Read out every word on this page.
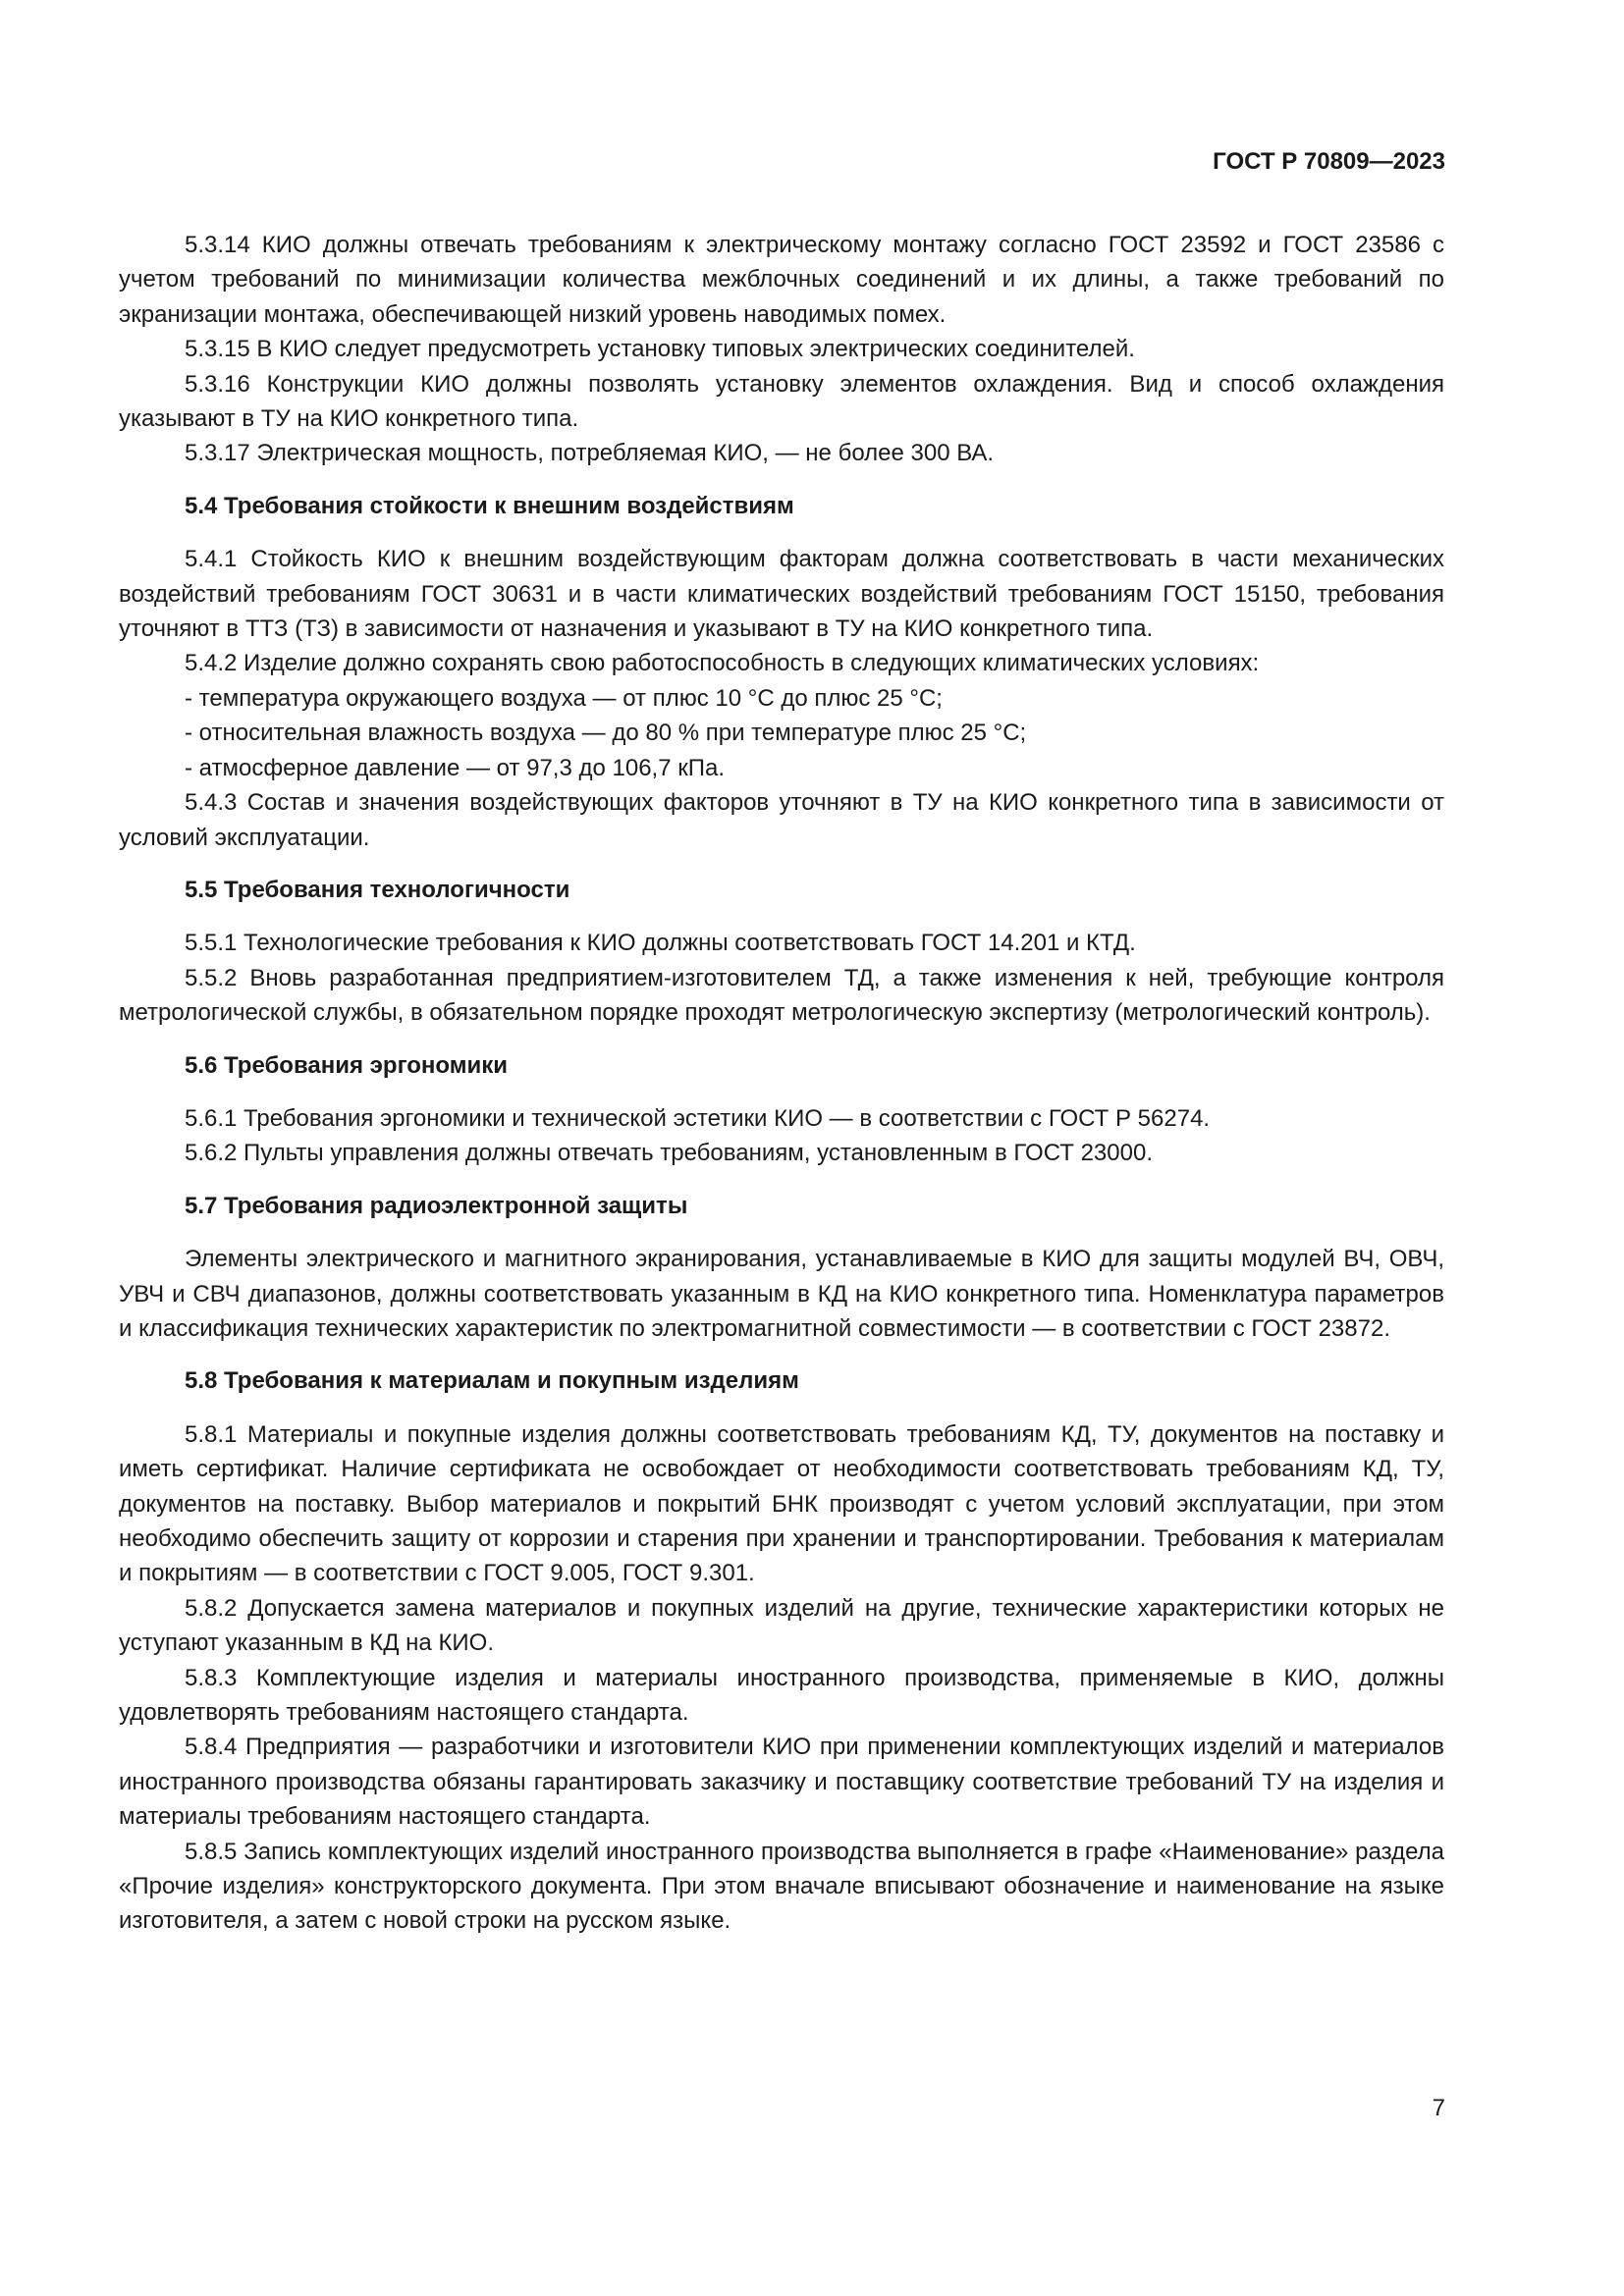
ГОСТ Р 70809—2023

5.3.14 КИО должны отвечать требованиям к электрическому монтажу согласно ГОСТ 23592 и ГОСТ 23586 с учетом требований по минимизации количества межблочных соединений и их длины, а также требований по экранизации монтажа, обеспечивающей низкий уровень наводимых помех.

5.3.15 В КИО следует предусмотреть установку типовых электрических соединителей.

5.3.16 Конструкции КИО должны позволять установку элементов охлаждения. Вид и способ охлаждения указывают в ТУ на КИО конкретного типа.

5.3.17 Электрическая мощность, потребляемая КИО, — не более 300 ВА.

5.4 Требования стойкости к внешним воздействиям

5.4.1 Стойкость КИО к внешним воздействующим факторам должна соответствовать в части механических воздействий требованиям ГОСТ 30631 и в части климатических воздействий требованиям ГОСТ 15150, требования уточняют в ТТЗ (ТЗ) в зависимости от назначения и указывают в ТУ на КИО конкретного типа.

5.4.2 Изделие должно сохранять свою работоспособность в следующих климатических условиях:

- температура окружающего воздуха — от плюс 10 °С до плюс 25 °С;

- относительная влажность воздуха — до 80 % при температуре плюс 25 °С;

- атмосферное давление — от 97,3 до 106,7 кПа.

5.4.3 Состав и значения воздействующих факторов уточняют в ТУ на КИО конкретного типа в зависимости от условий эксплуатации.

5.5 Требования технологичности

5.5.1 Технологические требования к КИО должны соответствовать ГОСТ 14.201 и КТД.

5.5.2 Вновь разработанная предприятием-изготовителем ТД, а также изменения к ней, требующие контроля метрологической службы, в обязательном порядке проходят метрологическую экспертизу (метрологический контроль).

5.6 Требования эргономики

5.6.1 Требования эргономики и технической эстетики КИО — в соответствии с ГОСТ Р 56274.

5.6.2 Пульты управления должны отвечать требованиям, установленным в ГОСТ 23000.

5.7 Требования радиоэлектронной защиты

Элементы электрического и магнитного экранирования, устанавливаемые в КИО для защиты модулей ВЧ, ОВЧ, УВЧ и СВЧ диапазонов, должны соответствовать указанным в КД на КИО конкретного типа. Номенклатура параметров и классификация технических характеристик по электромагнитной совместимости — в соответствии с ГОСТ 23872.

5.8 Требования к материалам и покупным изделиям

5.8.1 Материалы и покупные изделия должны соответствовать требованиям КД, ТУ, документов на поставку и иметь сертификат. Наличие сертификата не освобождает от необходимости соответствовать требованиям КД, ТУ, документов на поставку. Выбор материалов и покрытий БНК производят с учетом условий эксплуатации, при этом необходимо обеспечить защиту от коррозии и старения при хранении и транспортировании. Требования к материалам и покрытиям — в соответствии с ГОСТ 9.005, ГОСТ 9.301.

5.8.2 Допускается замена материалов и покупных изделий на другие, технические характеристики которых не уступают указанным в КД на КИО.

5.8.3 Комплектующие изделия и материалы иностранного производства, применяемые в КИО, должны удовлетворять требованиям настоящего стандарта.

5.8.4 Предприятия — разработчики и изготовители КИО при применении комплектующих изделий и материалов иностранного производства обязаны гарантировать заказчику и поставщику соответствие требований ТУ на изделия и материалы требованиям настоящего стандарта.

5.8.5 Запись комплектующих изделий иностранного производства выполняется в графе «Наименование» раздела «Прочие изделия» конструкторского документа. При этом вначале вписывают обозначение и наименование на языке изготовителя, а затем с новой строки на русском языке.

7
